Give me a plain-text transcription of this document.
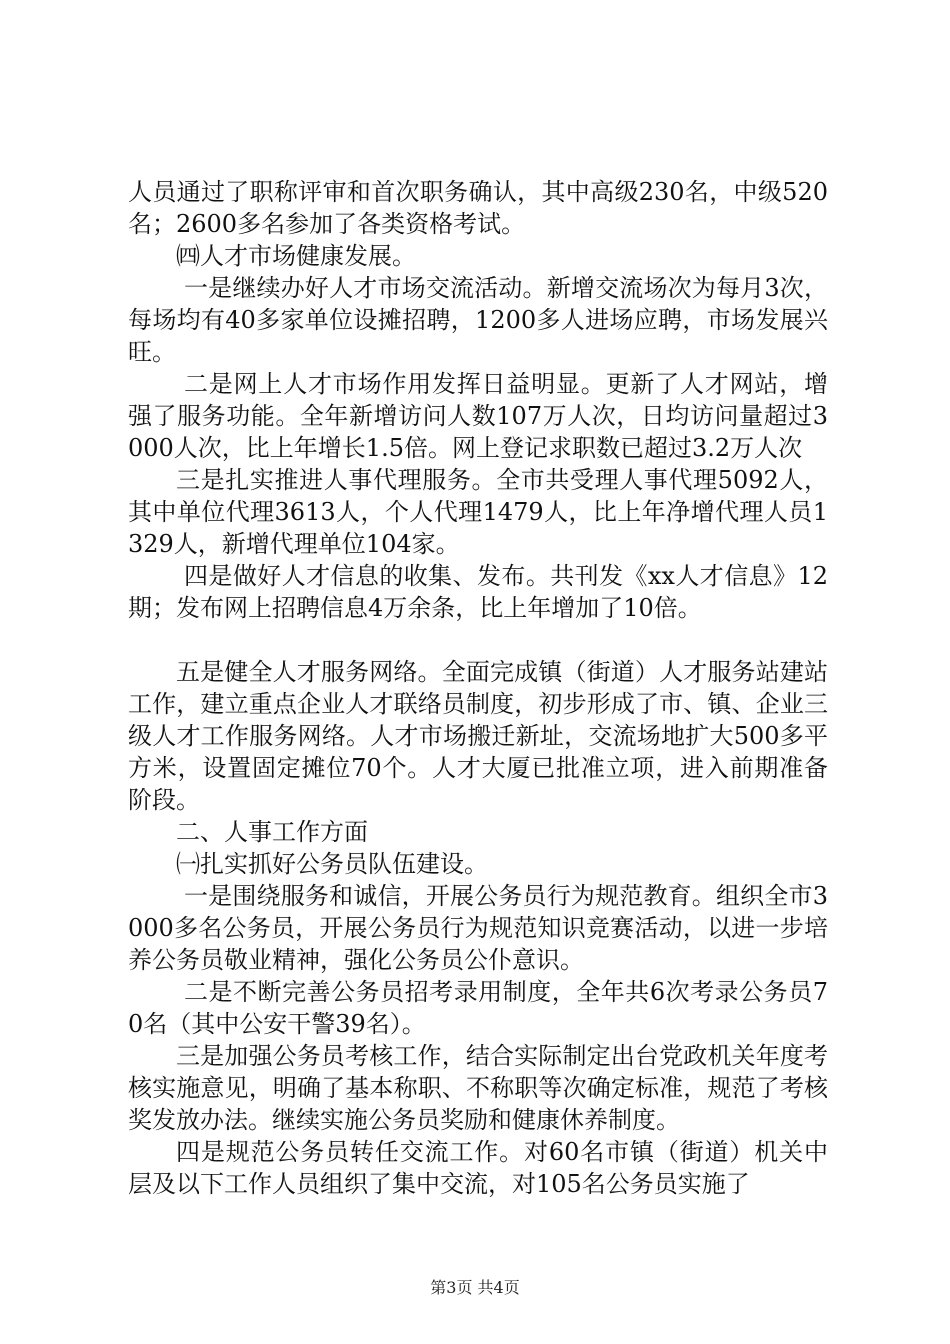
人员通过了职称评审和首次职务确认，其中高级230名，中级520名；2600多名参加了各类资格考试。

㈣人才市场健康发展。

一是继续办好人才市场交流活动。新增交流场次为每月3次，每场均有40多家单位设摊招聘，1200多人进场应聘，市场发展兴旺。

二是网上人才市场作用发挥日益明显。更新了人才网站，增强了服务功能。全年新增访问人数107万人次，日均访问量超过3000人次，比上年增长1.5倍。网上登记求职数已超过3.2万人次

三是扎实推进人事代理服务。全市共受理人事代理5092人，其中单位代理3613人，个人代理1479人，比上年净增代理人员1329人，新增代理单位104家。

四是做好人才信息的收集、发布。共刊发《xx人才信息》12期；发布网上招聘信息4万余条，比上年增加了10倍。

五是健全人才服务网络。全面完成镇（街道）人才服务站建站工作，建立重点企业人才联络员制度，初步形成了市、镇、企业三级人才工作服务网络。人才市场搬迁新址，交流场地扩大500多平方米，设置固定摊位70个。人才大厦已批准立项，进入前期准备阶段。

二、人事工作方面

㈠扎实抓好公务员队伍建设。

一是围绕服务和诚信，开展公务员行为规范教育。组织全市3000多名公务员，开展公务员行为规范知识竞赛活动，以进一步培养公务员敬业精神，强化公务员公仆意识。

二是不断完善公务员招考录用制度，全年共6次考录公务员70名（其中公安干警39名）。

三是加强公务员考核工作，结合实际制定出台党政机关年度考核实施意见，明确了基本称职、不称职等次确定标准，规范了考核奖发放办法。继续实施公务员奖励和健康休养制度。

四是规范公务员转任交流工作。对60名市镇（街道）机关中层及以下工作人员组织了集中交流，对105名公务员实施了

第3页 共4页
